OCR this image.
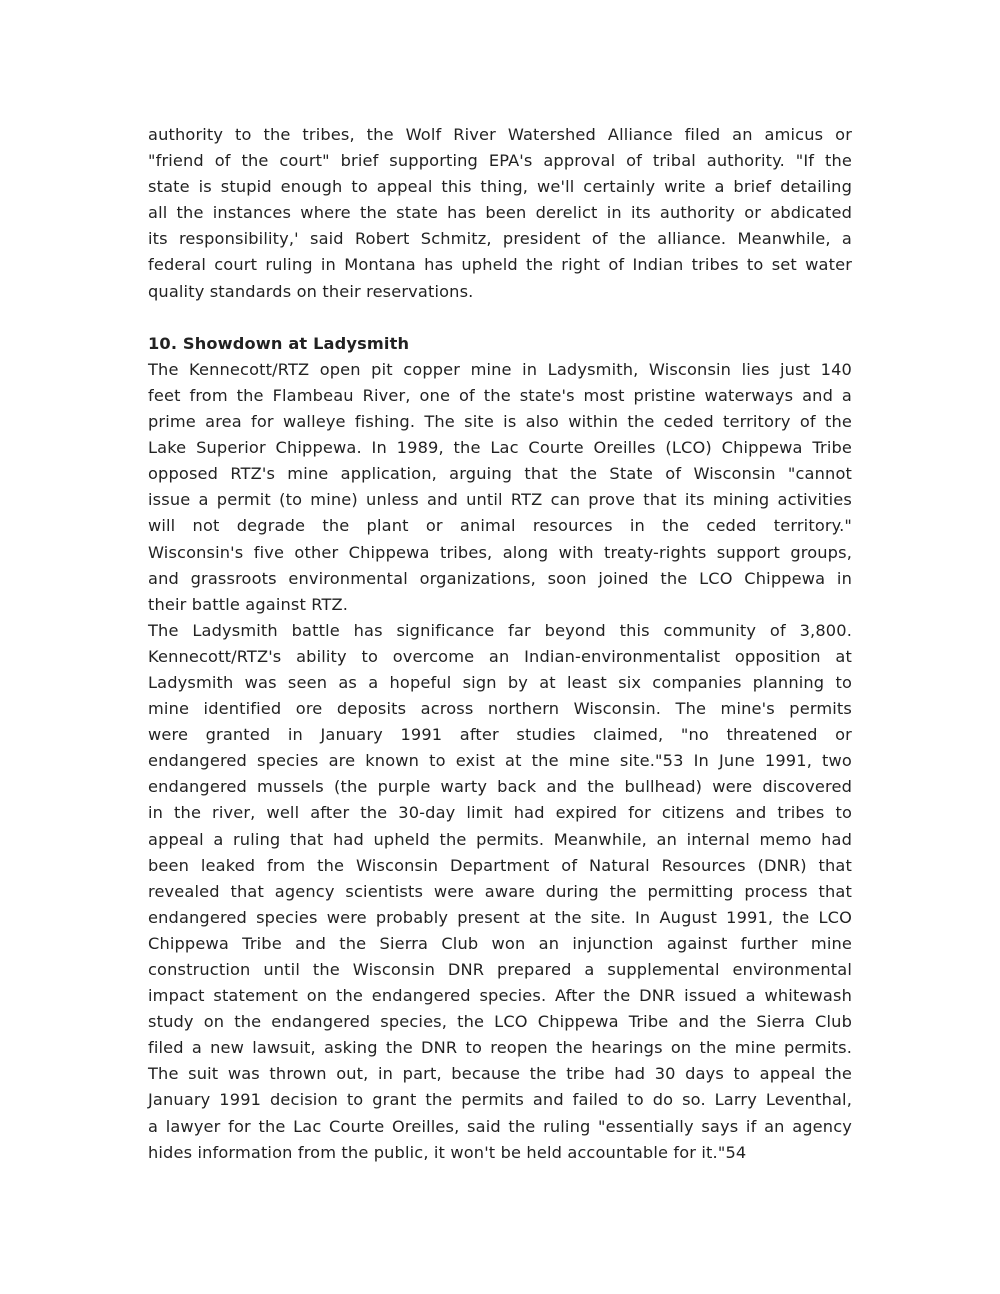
authority to the tribes, the Wolf River Watershed Alliance filed an amicus or
"friend of the court" brief supporting EPA's approval of tribal authority. "If the
state is stupid enough to appeal this thing, we'll certainly write a brief detailing
all the instances where the state has been derelict in its authority or abdicated
its responsibility,' said Robert Schmitz, president of the alliance. Meanwhile, a
federal court ruling in Montana has upheld the right of Indian tribes to set water
quality standards on their reservations.
10. Showdown at Ladysmith
The Kennecott/RTZ open pit copper mine in Ladysmith, Wisconsin lies just 140
feet from the Flambeau River, one of the state's most pristine waterways and a
prime area for walleye fishing. The site is also within the ceded territory of the
Lake Superior Chippewa. In 1989, the Lac Courte Oreilles (LCO) Chippewa Tribe
opposed RTZ's mine application, arguing that the State of Wisconsin "cannot
issue a permit (to mine) unless and until RTZ can prove that its mining activities
will not degrade the plant or animal resources in the ceded territory."
Wisconsin's five other Chippewa tribes, along with treaty-rights support groups,
and grassroots environmental organizations, soon joined the LCO Chippewa in
their battle against RTZ.
The Ladysmith battle has significance far beyond this community of 3,800.
Kennecott/RTZ's ability to overcome an Indian-environmentalist opposition at
Ladysmith was seen as a hopeful sign by at least six companies planning to
mine identified ore deposits across northern Wisconsin. The mine's permits
were granted in January 1991 after studies claimed, "no threatened or
endangered species are known to exist at the mine site."53 In June 1991, two
endangered mussels (the purple warty back and the bullhead) were discovered
in the river, well after the 30-day limit had expired for citizens and tribes to
appeal a ruling that had upheld the permits. Meanwhile, an internal memo had
been leaked from the Wisconsin Department of Natural Resources (DNR) that
revealed that agency scientists were aware during the permitting process that
endangered species were probably present at the site. In August 1991, the LCO
Chippewa Tribe and the Sierra Club won an injunction against further mine
construction until the Wisconsin DNR prepared a supplemental environmental
impact statement on the endangered species. After the DNR issued a whitewash
study on the endangered species, the LCO Chippewa Tribe and the Sierra Club
filed a new lawsuit, asking the DNR to reopen the hearings on the mine permits.
The suit was thrown out, in part, because the tribe had 30 days to appeal the
January 1991 decision to grant the permits and failed to do so. Larry Leventhal,
a lawyer for the Lac Courte Oreilles, said the ruling "essentially says if an agency
hides information from the public, it won't be held accountable for it."54
